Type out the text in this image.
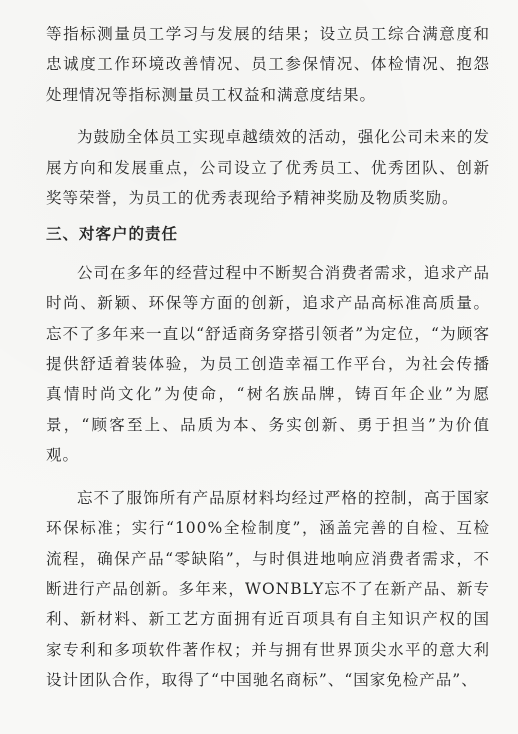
等指标测量员工学习与发展的结果；设立员工综合满意度和忠诚度工作环境改善情况、员工参保情况、体检情况、抱怨处理情况等指标测量员工权益和满意度结果。

为鼓励全体员工实现卓越绩效的活动，强化公司未来的发展方向和发展重点，公司设立了优秀员工、优秀团队、创新奖等荣誉，为员工的优秀表现给予精神奖励及物质奖励。

三、对客户的责任

公司在多年的经营过程中不断契合消费者需求，追求产品时尚、新颖、环保等方面的创新，追求产品高标准高质量。忘不了多年来一直以“舒适商务穿搭引领者”为定位，“为顾客提供舒适着装体验，为员工创造幸福工作平台，为社会传播真情时尚文化”为使命，“树名族品牌，铸百年企业”为愿景，“顾客至上、品质为本、务实创新、勇于担当”为价值观。

忘不了服饰所有产品原材料均经过严格的控制，高于国家环保标准；实行“100%全检制度”，涵盖完善的自检、互检流程，确保产品“零缺陷”，与时俱进地响应消费者需求，不断进行产品创新。多年来，WONBLY忘不了在新产品、新专利、新材料、新工艺方面拥有近百项具有自主知识产权的国家专利和多项软件著作权；并与拥有世界顶尖水平的意大利设计团队合作，取得了“中国驰名商标”、“国家免检产品”、
